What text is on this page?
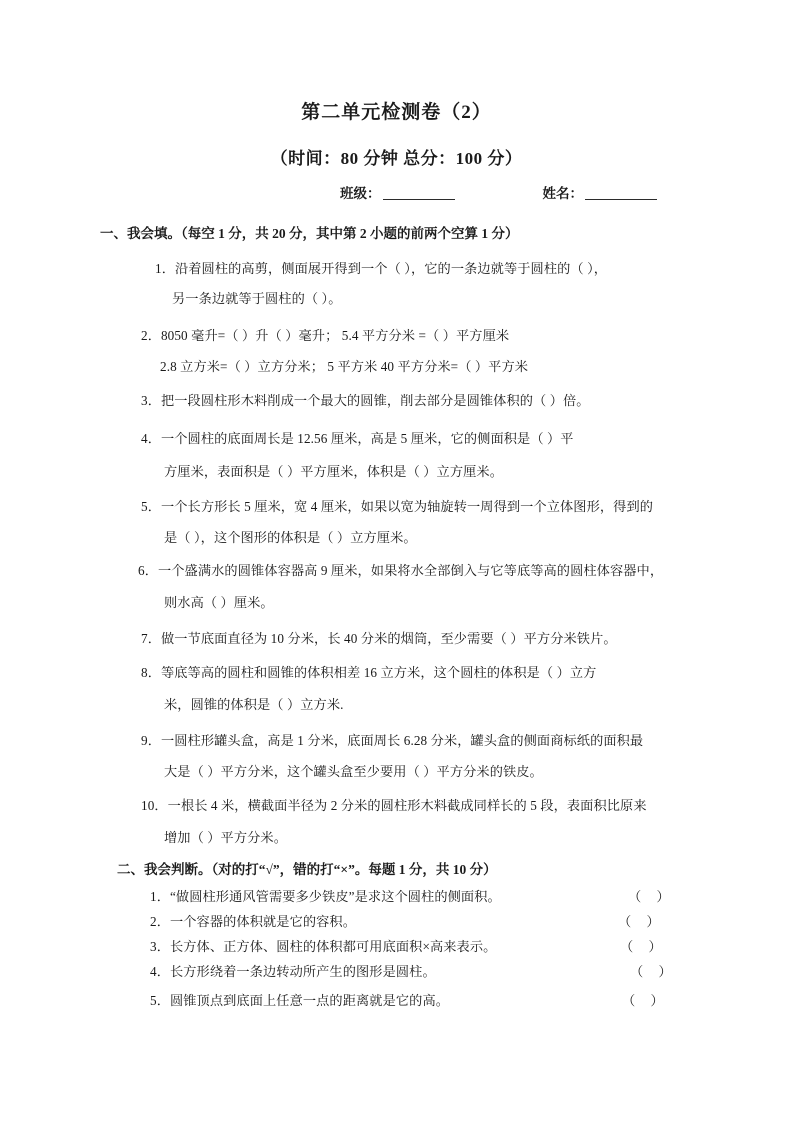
第二单元检测卷（2）
（时间：80 分钟 总分：100 分）
班级：	姓名：
一、我会填。（每空 1 分，共 20 分，其中第 2 小题的前两个空算 1 分）
1．沿着圆柱的高剪，侧面展开得到一个（ ），它的一条边就等于圆柱的（ ），
另一条边就等于圆柱的（ ）。
2．8050 毫升=（ ）升（ ）毫升； 5.4 平方分米 =（ ）平方厘米
2.8 立方米=（ ）立方分米； 5 平方米 40 平方分米=（ ）平方米
3．把一段圆柱形木料削成一个最大的圆锥，削去部分是圆锥体积的（ ）倍。
4．一个圆柱的底面周长是 12.56 厘米，高是 5 厘米，它的侧面积是（ ）平
方厘米，表面积是（ ）平方厘米，体积是（ ）立方厘米。
5．一个长方形长 5 厘米，宽 4 厘米，如果以宽为轴旋转一周得到一个立体图形，得到的
是（ ），这个图形的体积是（ ）立方厘米。
6．一个盛满水的圆锥体容器高 9 厘米，如果将水全部倒入与它等底等高的圆柱体容器中，
则水高（ ）厘米。
7．做一节底面直径为 10 分米，长 40 分米的烟筒，至少需要（ ）平方分米铁片。
8．等底等高的圆柱和圆锥的体积相差 16 立方米，这个圆柱的体积是（ ）立方
米，圆锥的体积是（ ）立方米.
9．一圆柱形罐头盒，高是 1 分米，底面周长 6.28 分米，罐头盒的侧面商标纸的面积最
大是（ ）平方分米，这个罐头盒至少要用（ ）平方分米的铁皮。
10．一根长 4 米，横截面半径为 2 分米的圆柱形木料截成同样长的 5 段，表面积比原来
增加（ ）平方分米。
二、我会判断。（对的打“√”，错的打“×”。每题 1 分，共 10 分）
1．“做圆柱形通风管需要多少铁皮”是求这个圆柱的侧面积。	（ ）
2．一个容器的体积就是它的容积。	（ ）
3．长方体、正方体、圆柱的体积都可用底面积×高来表示。	（ ）
4．长方形绕着一条边转动所产生的图形是圆柱。	（ ）
5．圆锥顶点到底面上任意一点的距离就是它的高。	（ ）
